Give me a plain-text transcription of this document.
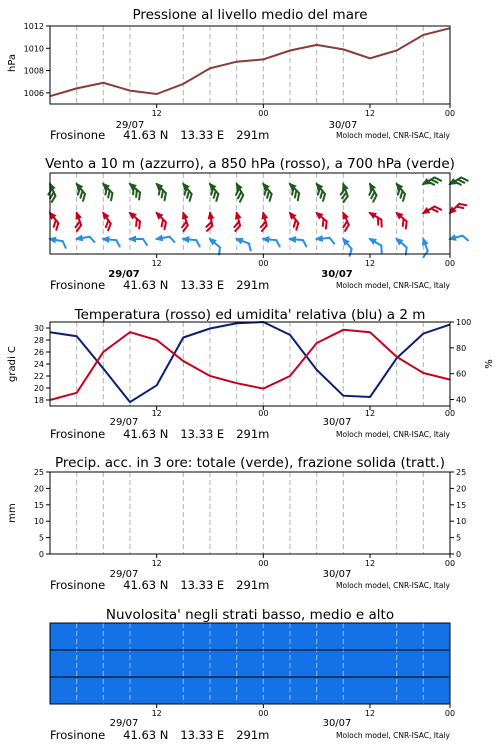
Pressione al livello medio del mare
hPa
1006
1008
1010
1012
12	00	12	00
29/07	30/07
Frosinone 41.63 N 13.33 E 291m	Moloch model, CNR-ISAC, Italy
Vento a 10 m (azzurro), a 850 hPa (rosso), a 700 hPa (verde)
12	00	12	00
29/07	30/07
Frosinone 41.63 N 13.33 E 291m	Moloch model, CNR-ISAC, Italy
Temperatura (rosso) ed umidita' relativa (blu) a 2 m
gradi C	%
18
20
22
24
26
28
30
40
60
80
100
12	00	12	00
29/07	30/07
Frosinone 41.63 N 13.33 E 291m	Moloch model, CNR-ISAC, Italy
Precip. acc. in 3 ore: totale (verde), frazione solida (tratt.)
mm
0
5
10
15
20
25
0
5
10
15
20
25
12	00	12	00
29/07	30/07
Frosinone 41.63 N 13.33 E 291m	Moloch model, CNR-ISAC, Italy
Nuvolosita' negli strati basso, medio e alto
12	00	12	00
29/07	30/07
Frosinone 41.63 N 13.33 E 291m	Moloch model, CNR-ISAC, Italy
